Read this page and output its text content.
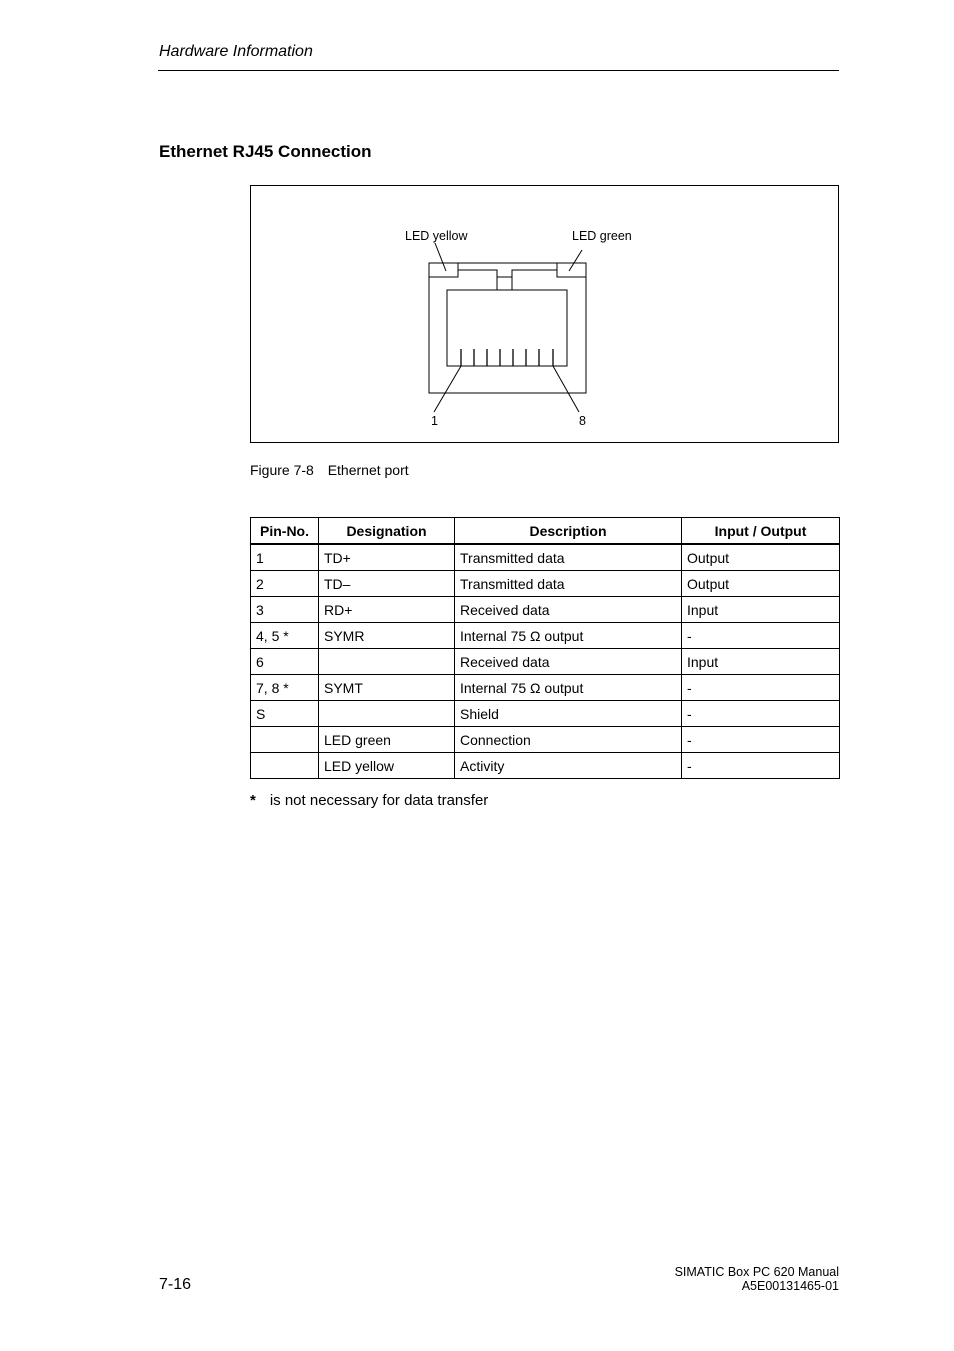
Hardware Information
Ethernet RJ45 Connection
LED yellow	LED green
1	8
Figure 7-8 Ethernet port
Pin-No.	Designation	Description	Input / Output
1	TD+	Transmitted data	Output
2	TD–	Transmitted data	Output
3	RD+	Received data	Input
4, 5 *	SYMR	Internal 75 Ω output	-
6		Received data	Input
7, 8 *	SYMT	Internal 75 Ω output	-
S		Shield	-
	LED green	Connection	-
	LED yellow	Activity	-
* is not necessary for data transfer
7-16
SIMATIC Box PC 620 Manual
A5E00131465-01
